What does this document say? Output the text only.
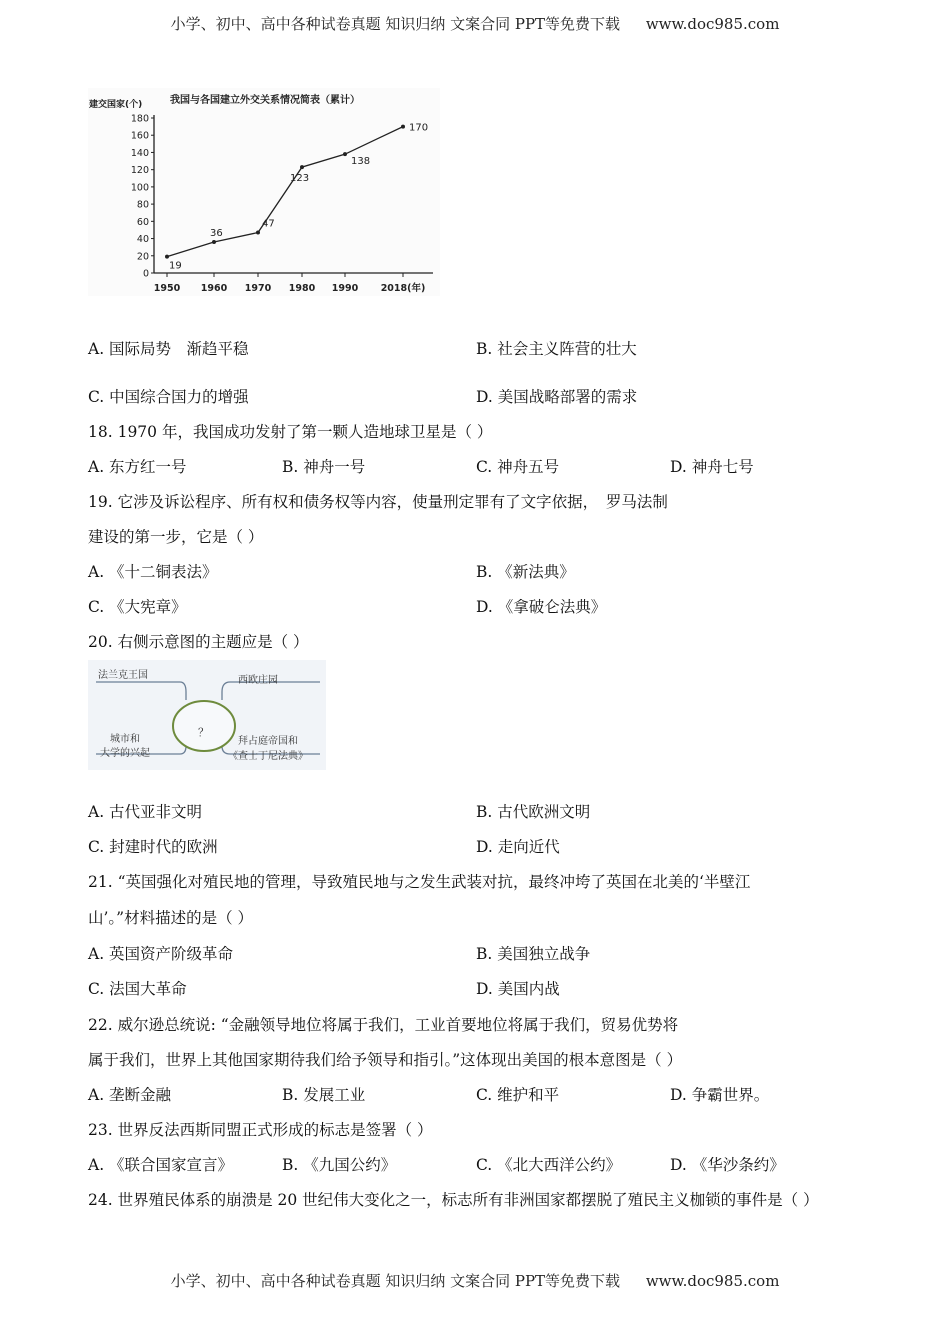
小学、初中、高中各种试卷真题 知识归纳 文案合同 PPT等免费下载 www.doc985.com
我国与各国建立外交关系情况简表（累计）
建交国家(个)
0
20
40
60
80
100
120
140
160
180
1950 1960 1970 1980 1990 2018(年)
19
36
47
123
138
170
A. 国际局势　渐趋平稳	B. 社会主义阵营的壮大
C. 中国综合国力的增强	D. 美国战略部署的需求
18. 1970 年，我国成功发射了第一颗人造地球卫星是（ ）
A. 东方红一号	B. 神舟一号	C. 神舟五号	D. 神舟七号
19. 它涉及诉讼程序、所有权和债务权等内容，使量刑定罪有了文字依据，　罗马法制
建设的第一步，它是（ ）
A. 《十二铜表法》	B. 《新法典》
C. 《大宪章》	D. 《拿破仑法典》
20. 右侧示意图的主题应是（ ）
法兰克王国	西欧庄园
城市和
大学的兴起
拜占庭帝国和
《查士丁尼法典》
？
A. 古代亚非文明	B. 古代欧洲文明
C. 封建时代的欧洲	D. 走向近代
21. “英国强化对殖民地的管理，导致殖民地与之发生武装对抗，最终冲垮了英国在北美的‘半壁江
山’。”材料描述的是（ ）
A. 英国资产阶级革命	B. 美国独立战争
C. 法国大革命	D. 美国内战
22. 威尔逊总统说: “金融领导地位将属于我们，工业首要地位将属于我们，贸易优势将
属于我们，世界上其他国家期待我们给予领导和指引。”这体现出美国的根本意图是（ ）
A. 垄断金融	B. 发展工业	C. 维护和平	D. 争霸世界。
23. 世界反法西斯同盟正式形成的标志是签署（ ）
A. 《联合国家宣言》	B. 《九国公约》	C. 《北大西洋公约》	D. 《华沙条约》
24. 世界殖民体系的崩溃是 20 世纪伟大变化之一，标志所有非洲国家都摆脱了殖民主义枷锁的事件是（ ）
小学、初中、高中各种试卷真题 知识归纳 文案合同 PPT等免费下载 www.doc985.com
